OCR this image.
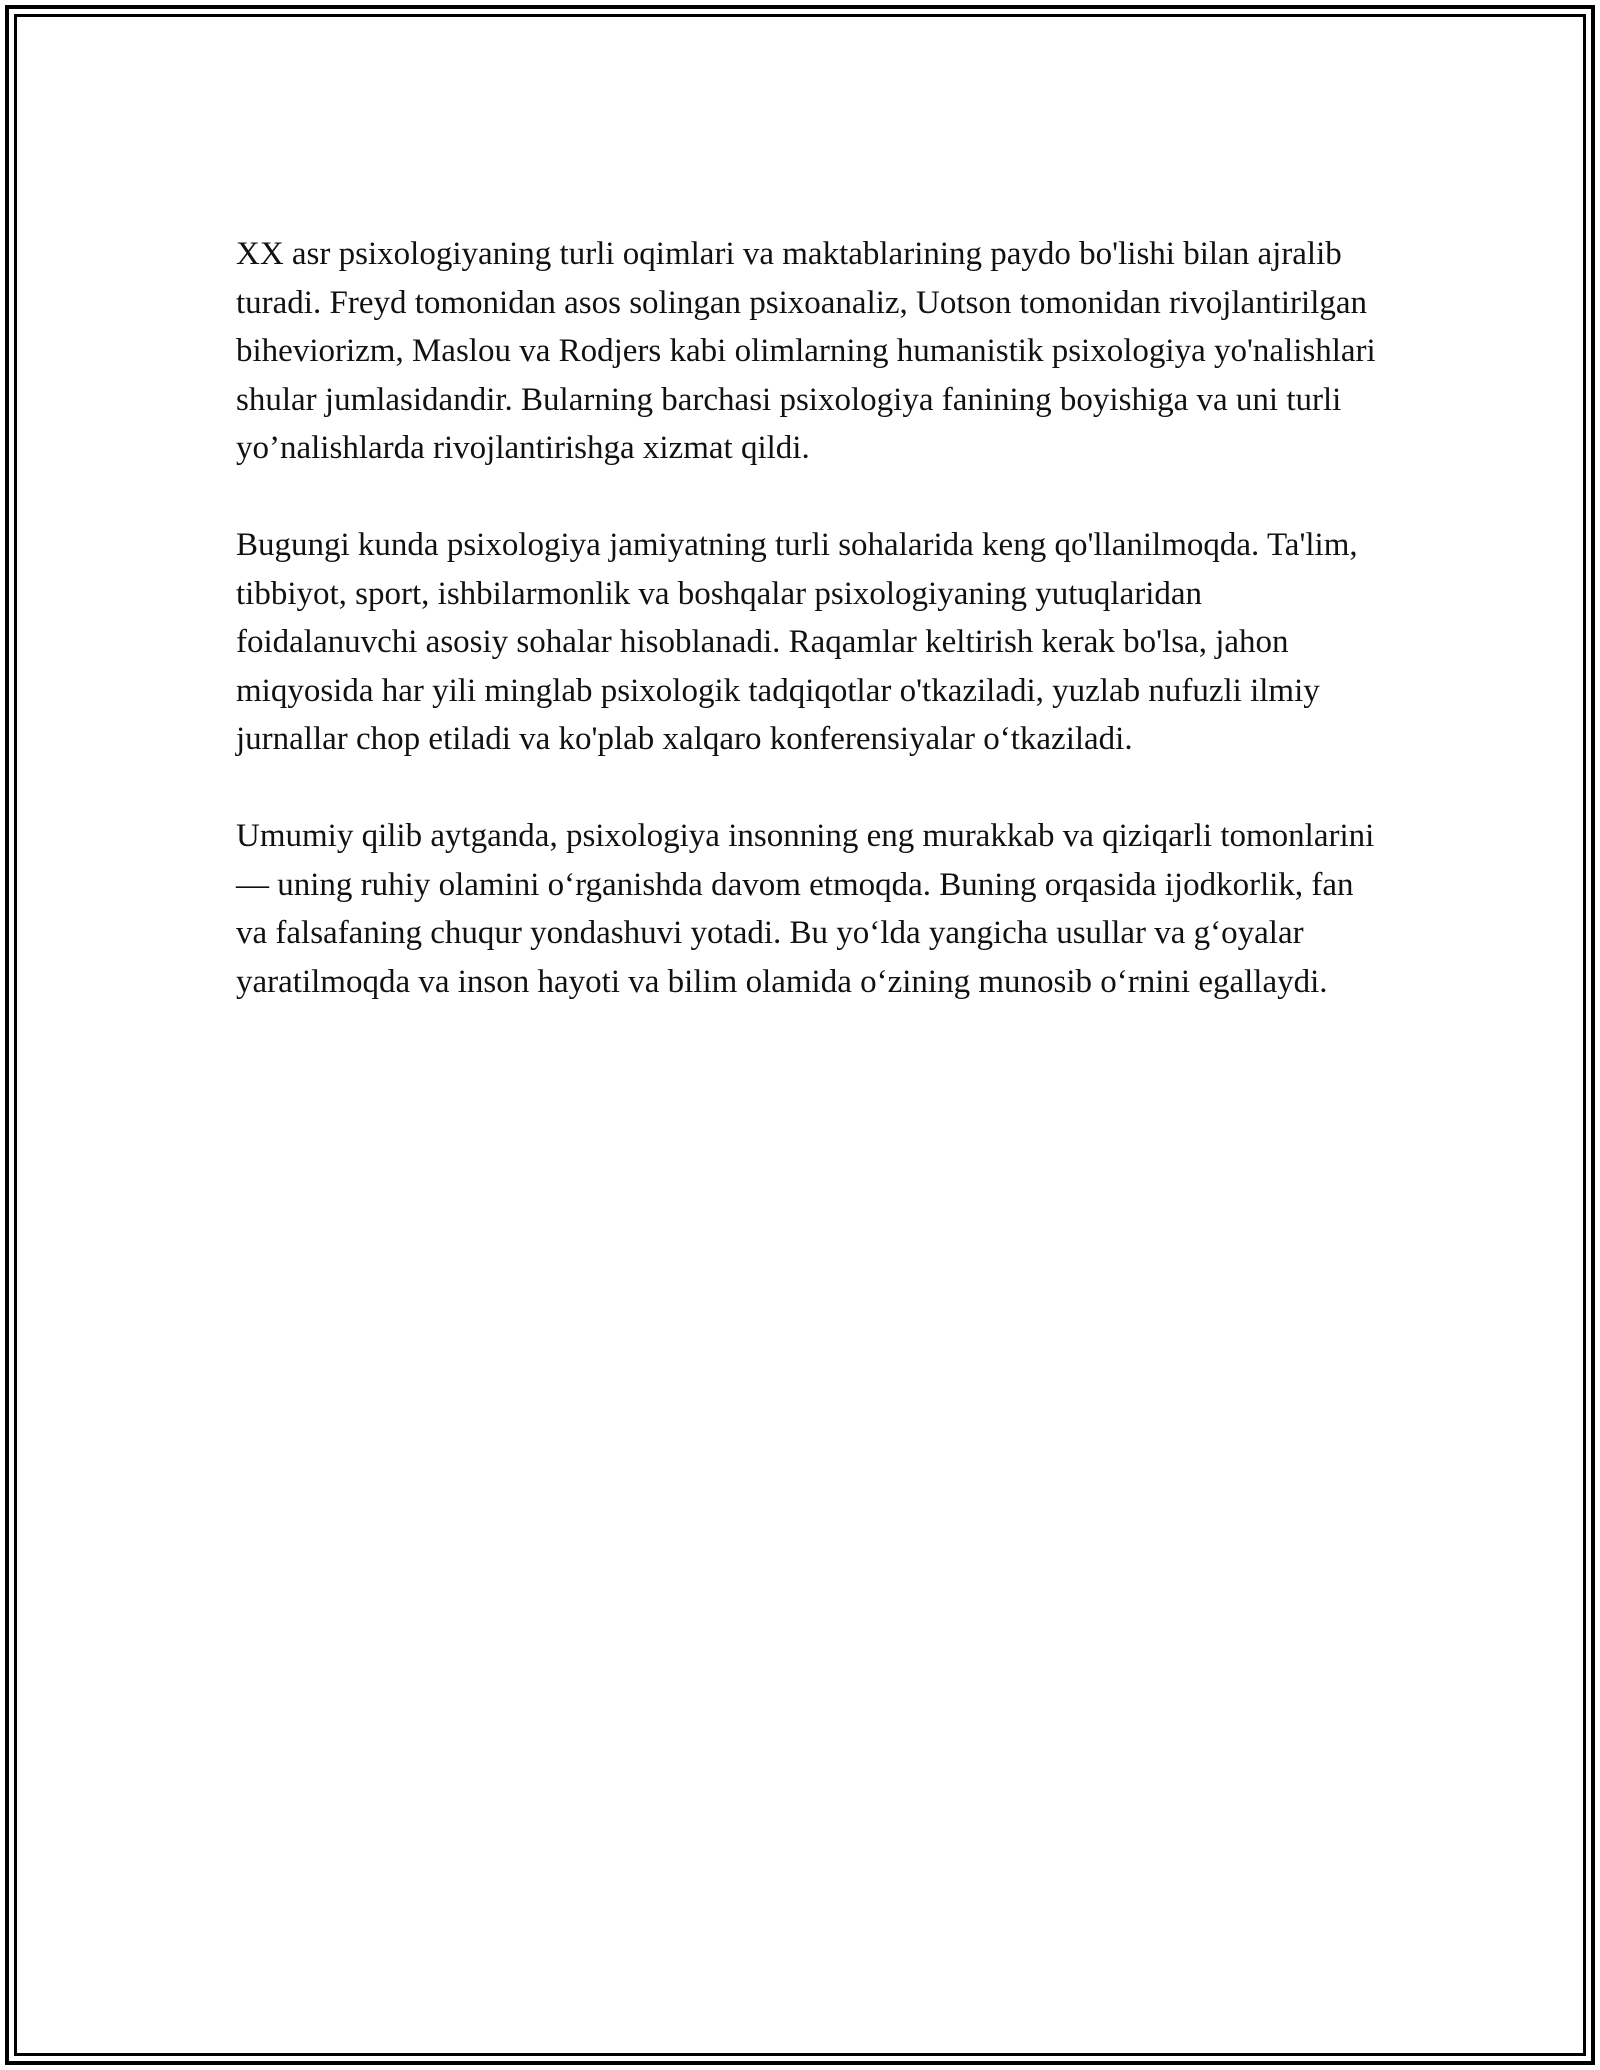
XX asr psixologiyaning turli oqimlari va maktablarining paydo bo'lishi bilan ajralib turadi. Freyd tomonidan asos solingan psixoanaliz, Uotson tomonidan rivojlantirilgan biheviorizm, Maslou va Rodjers kabi olimlarning humanistik psixologiya yo'nalishlari shular jumlasidandir. Bularning barchasi psixologiya fanining boyishiga va uni turli yo’nalishlarda rivojlantirishga xizmat qildi.

Bugungi kunda psixologiya jamiyatning turli sohalarida keng qo'llanilmoqda. Ta'lim, tibbiyot, sport, ishbilarmonlik va boshqalar psixologiyaning yutuqlaridan foidalanuvchi asosiy sohalar hisoblanadi. Raqamlar keltirish kerak bo'lsa, jahon miqyosida har yili minglab psixologik tadqiqotlar o'tkaziladi, yuzlab nufuzli ilmiy jurnallar chop etiladi va ko'plab xalqaro konferensiyalar o‘tkaziladi.

Umumiy qilib aytganda, psixologiya insonning eng murakkab va qiziqarli tomonlarini — uning ruhiy olamini o‘rganishda davom etmoqda. Buning orqasida ijodkorlik, fan va falsafaning chuqur yondashuvi yotadi. Bu yo‘lda yangicha usullar va g‘oyalar yaratilmoqda va inson hayoti va bilim olamida o‘zining munosib o‘rnini egallaydi.
